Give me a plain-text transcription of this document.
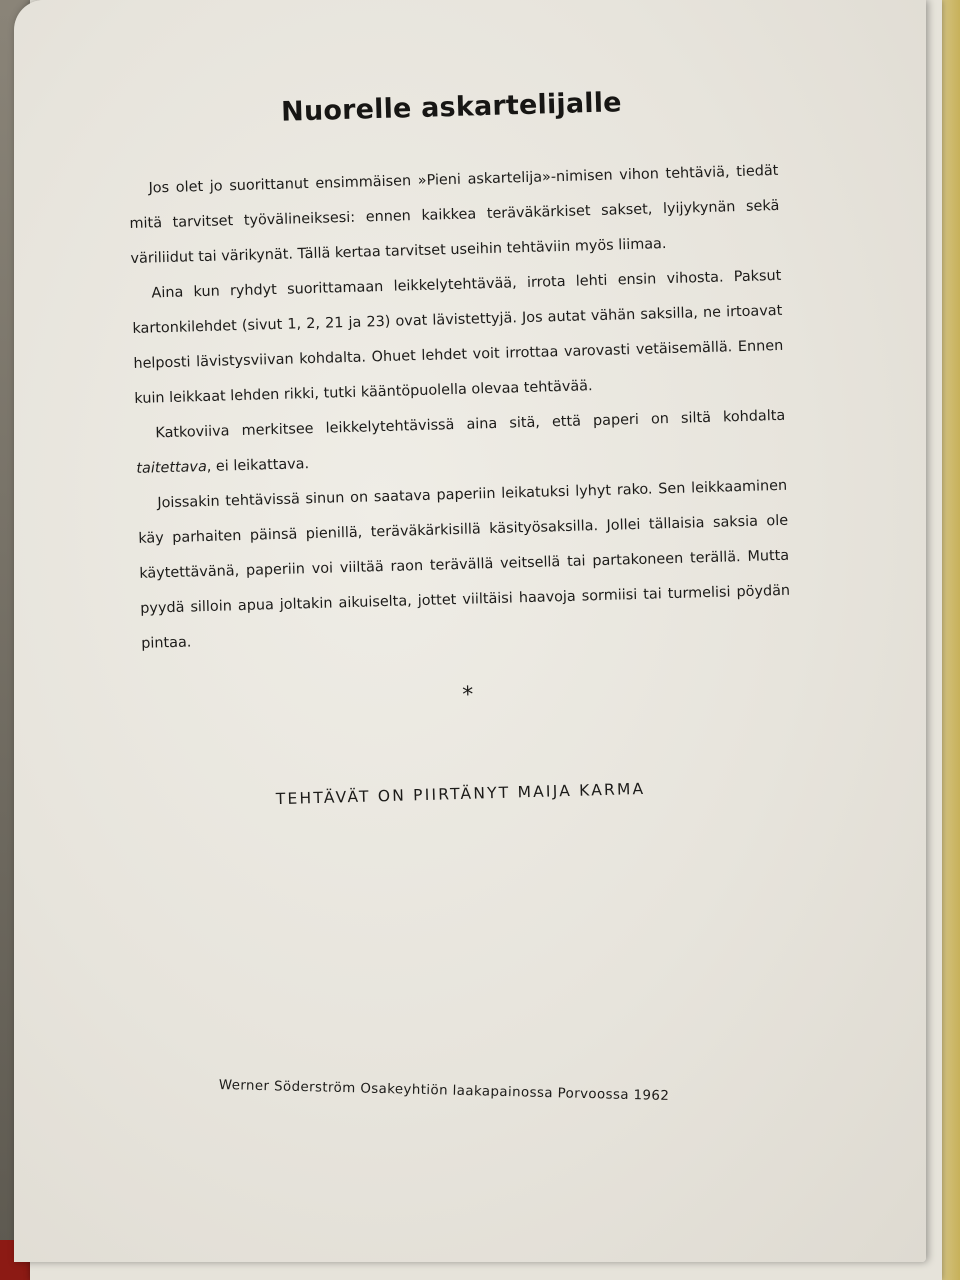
Nuorelle askartelijalle

Jos olet jo suorittanut ensimmäisen »Pieni askartelija»-nimisen vihon tehtäviä, tiedät mitä tarvitset työvälineiksesi: ennen kaikkea teräväkärkiset sakset, lyijykynän sekä väriliidut tai värikynät. Tällä kertaa tarvitset useihin tehtäviin myös liimaa.

Aina kun ryhdyt suorittamaan leikkelytehtävää, irrota lehti ensin vihosta. Paksut kartonkilehdet (sivut 1, 2, 21 ja 23) ovat lävistettyjä. Jos autat vähän saksilla, ne irtoavat helposti lävistysviivan kohdalta. Ohuet lehdet voit irrottaa varovasti vetäisemällä. Ennen kuin leikkaat lehden rikki, tutki kääntöpuolella olevaa tehtävää.

Katkoviiva merkitsee leikkelytehtävissä aina sitä, että paperi on siltä kohdalta taitettava, ei leikattava.

Joissakin tehtävissä sinun on saatava paperiin leikatuksi lyhyt rako. Sen leikkaaminen käy parhaiten päinsä pienillä, teräväkärkisillä käsityösaksilla. Jollei tällaisia saksia ole käytettävänä, paperiin voi viiltää raon terävällä veitsellä tai partakoneen terällä. Mutta pyydä silloin apua joltakin aikuiselta, jottet viiltäisi haavoja sormiisi tai turmelisi pöydän pintaa.

*
TEHTÄVÄT ON PIIRTÄNYT MAIJA KARMA
Werner Söderström Osakeyhtiön laakapainossa Porvoossa 1962
